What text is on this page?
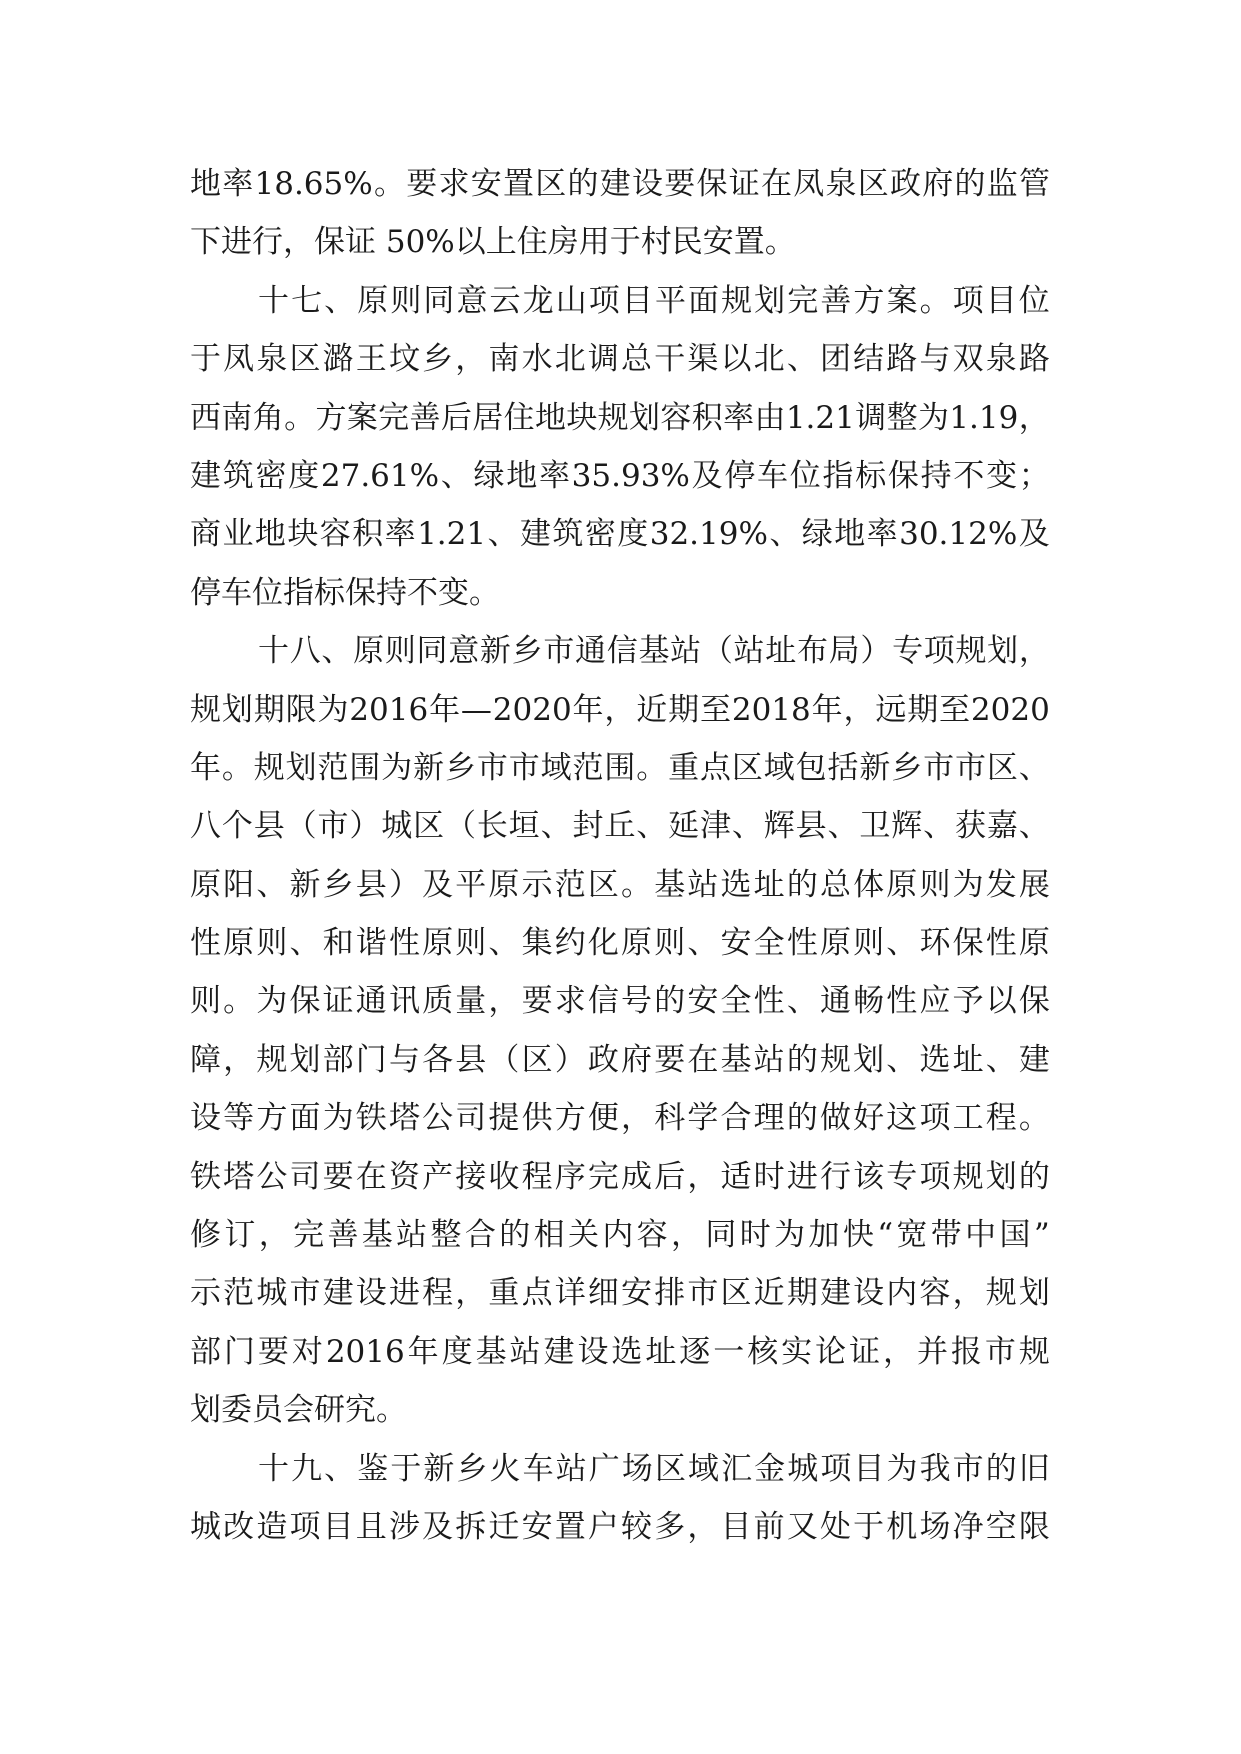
地 率 18.65% 。 要 求 安 置 区 的 建 设 要 保 证 在 凤 泉 区 政 府 的 监 管
下进行，保证 50%以上住房用于村民安置。
十 七 、 原 则 同 意 云 龙 山 项 目 平 面 规 划 完 善 方 案 。 项 目 位
于 凤 泉 区 潞 王 坟 乡 ， 南 水 北 调 总 干 渠 以 北 、 团 结 路 与 双 泉 路
西 南 角 。 方 案 完 善 后 居 住 地 块 规 划 容 积 率 由 1.21 调 整 为 1.19 ，
建 筑 密 度 27.61% 、 绿 地 率 35.93% 及 停 车 位 指 标 保 持 不 变 ；
商 业 地 块 容 积 率 1.21 、 建 筑 密 度 32.19% 、 绿 地 率 30.12% 及
停车位指标保持不变。
十 八 、 原 则 同 意 新 乡 市 通 信 基 站 （ 站 址 布 局 ） 专 项 规 划 ，
规 划 期 限 为 2016 年 — 2020 年 ， 近 期 至 2018 年 ， 远 期 至 2020
年 。 规 划 范 围 为 新 乡 市 市 域 范 围 。 重 点 区 域 包 括 新 乡 市 市 区 、
八 个 县 （ 市 ） 城 区 （ 长 垣 、 封 丘 、 延 津 、 辉 县 、 卫 辉 、 获 嘉 、
原 阳 、 新 乡 县 ） 及 平 原 示 范 区 。 基 站 选 址 的 总 体 原 则 为 发 展
性 原 则 、 和 谐 性 原 则 、 集 约 化 原 则 、 安 全 性 原 则 、 环 保 性 原
则 。 为 保 证 通 讯 质 量 ， 要 求 信 号 的 安 全 性 、 通 畅 性 应 予 以 保
障 ， 规 划 部 门 与 各 县 （ 区 ） 政 府 要 在 基 站 的 规 划 、 选 址 、 建
设 等 方 面 为 铁 塔 公 司 提 供 方 便 ， 科 学 合 理 的 做 好 这 项 工 程 。
铁 塔 公 司 要 在 资 产 接 收 程 序 完 成 后 ， 适 时 进 行 该 专 项 规 划 的
修 订 ， 完 善 基 站 整 合 的 相 关 内 容 ， 同 时 为 加 快 “ 宽 带 中 国 ”
示 范 城 市 建 设 进 程 ， 重 点 详 细 安 排 市 区 近 期 建 设 内 容 ， 规 划
部 门 要 对 2016 年 度 基 站 建 设 选 址 逐 一 核 实 论 证 ， 并 报 市 规
划委员会研究。
十 九 、 鉴 于 新 乡 火 车 站 广 场 区 域 汇 金 城 项 目 为 我 市 的 旧
城 改 造 项 目 且 涉 及 拆 迁 安 置 户 较 多 ， 目 前 又 处 于 机 场 净 空 限
